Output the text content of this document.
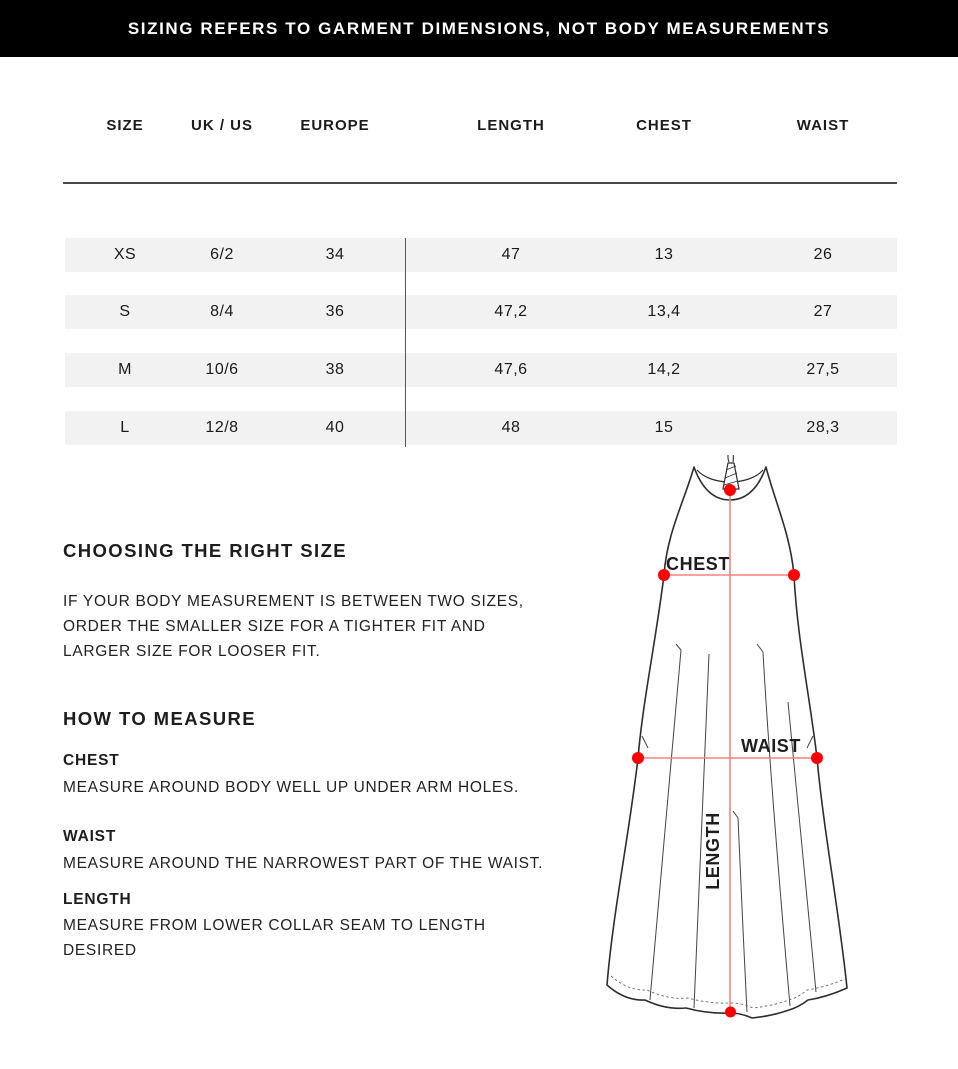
SIZING REFERS TO GARMENT DIMENSIONS, NOT BODY MEASUREMENTS
SIZE	UK / US	EUROPE	LENGTH	CHEST	WAIST
XS	6/2	34	47	13	26
S	8/4	36	47,2	13,4	27
M	10/6	38	47,6	14,2	27,5
L	12/8	40	48	15	28,3
CHOOSING THE RIGHT SIZE
IF YOUR BODY MEASUREMENT IS BETWEEN TWO SIZES,
ORDER THE SMALLER SIZE FOR A TIGHTER FIT AND
LARGER SIZE FOR LOOSER FIT.
HOW TO MEASURE
CHEST
MEASURE AROUND BODY WELL UP UNDER ARM HOLES.
WAIST
MEASURE AROUND THE NARROWEST PART OF THE WAIST.
LENGTH
MEASURE FROM LOWER COLLAR SEAM TO LENGTH
DESIRED
CHEST
WAIST
LENGTH
